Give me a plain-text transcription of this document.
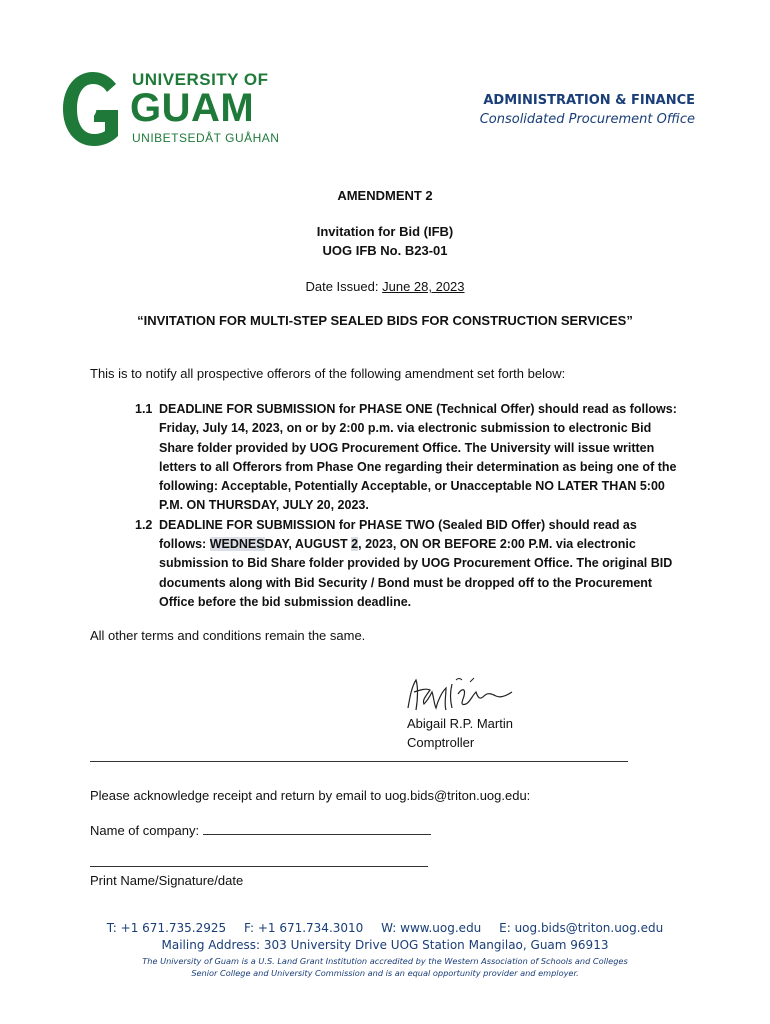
UNIVERSITY OF
GUAM
UNIBETSEDÅT GUÅHAN
ADMINISTRATION & FINANCE
Consolidated Procurement Office
AMENDMENT 2
Invitation for Bid (IFB)
UOG IFB No. B23-01
Date Issued: June 28, 2023
“INVITATION FOR MULTI-STEP SEALED BIDS FOR CONSTRUCTION SERVICES”
This is to notify all prospective offerors of the following amendment set forth below:
1.1 DEADLINE FOR SUBMISSION for PHASE ONE (Technical Offer) should read as follows: Friday, July 14, 2023, on or by 2:00 p.m. via electronic submission to electronic Bid Share folder provided by UOG Procurement Office. The University will issue written letters to all Offerors from Phase One regarding their determination as being one of the following: Acceptable, Potentially Acceptable, or Unacceptable NO LATER THAN 5:00 P.M. ON THURSDAY, JULY 20, 2023.
1.2 DEADLINE FOR SUBMISSION for PHASE TWO (Sealed BID Offer) should read as follows: WEDNESDAY, AUGUST 2, 2023, ON OR BEFORE 2:00 P.M. via electronic submission to Bid Share folder provided by UOG Procurement Office. The original BID documents along with Bid Security / Bond must be dropped off to the Procurement Office before the bid submission deadline.
All other terms and conditions remain the same.
Abigail R.P. Martin
Comptroller
Please acknowledge receipt and return by email to uog.bids@triton.uog.edu:
Name of company:
Print Name/Signature/date
T: +1 671.735.2925 F: +1 671.734.3010 W: www.uog.edu E: uog.bids@triton.uog.edu
Mailing Address: 303 University Drive UOG Station Mangilao, Guam 96913
The University of Guam is a U.S. Land Grant Institution accredited by the Western Association of Schools and Colleges
Senior College and University Commission and is an equal opportunity provider and employer.
